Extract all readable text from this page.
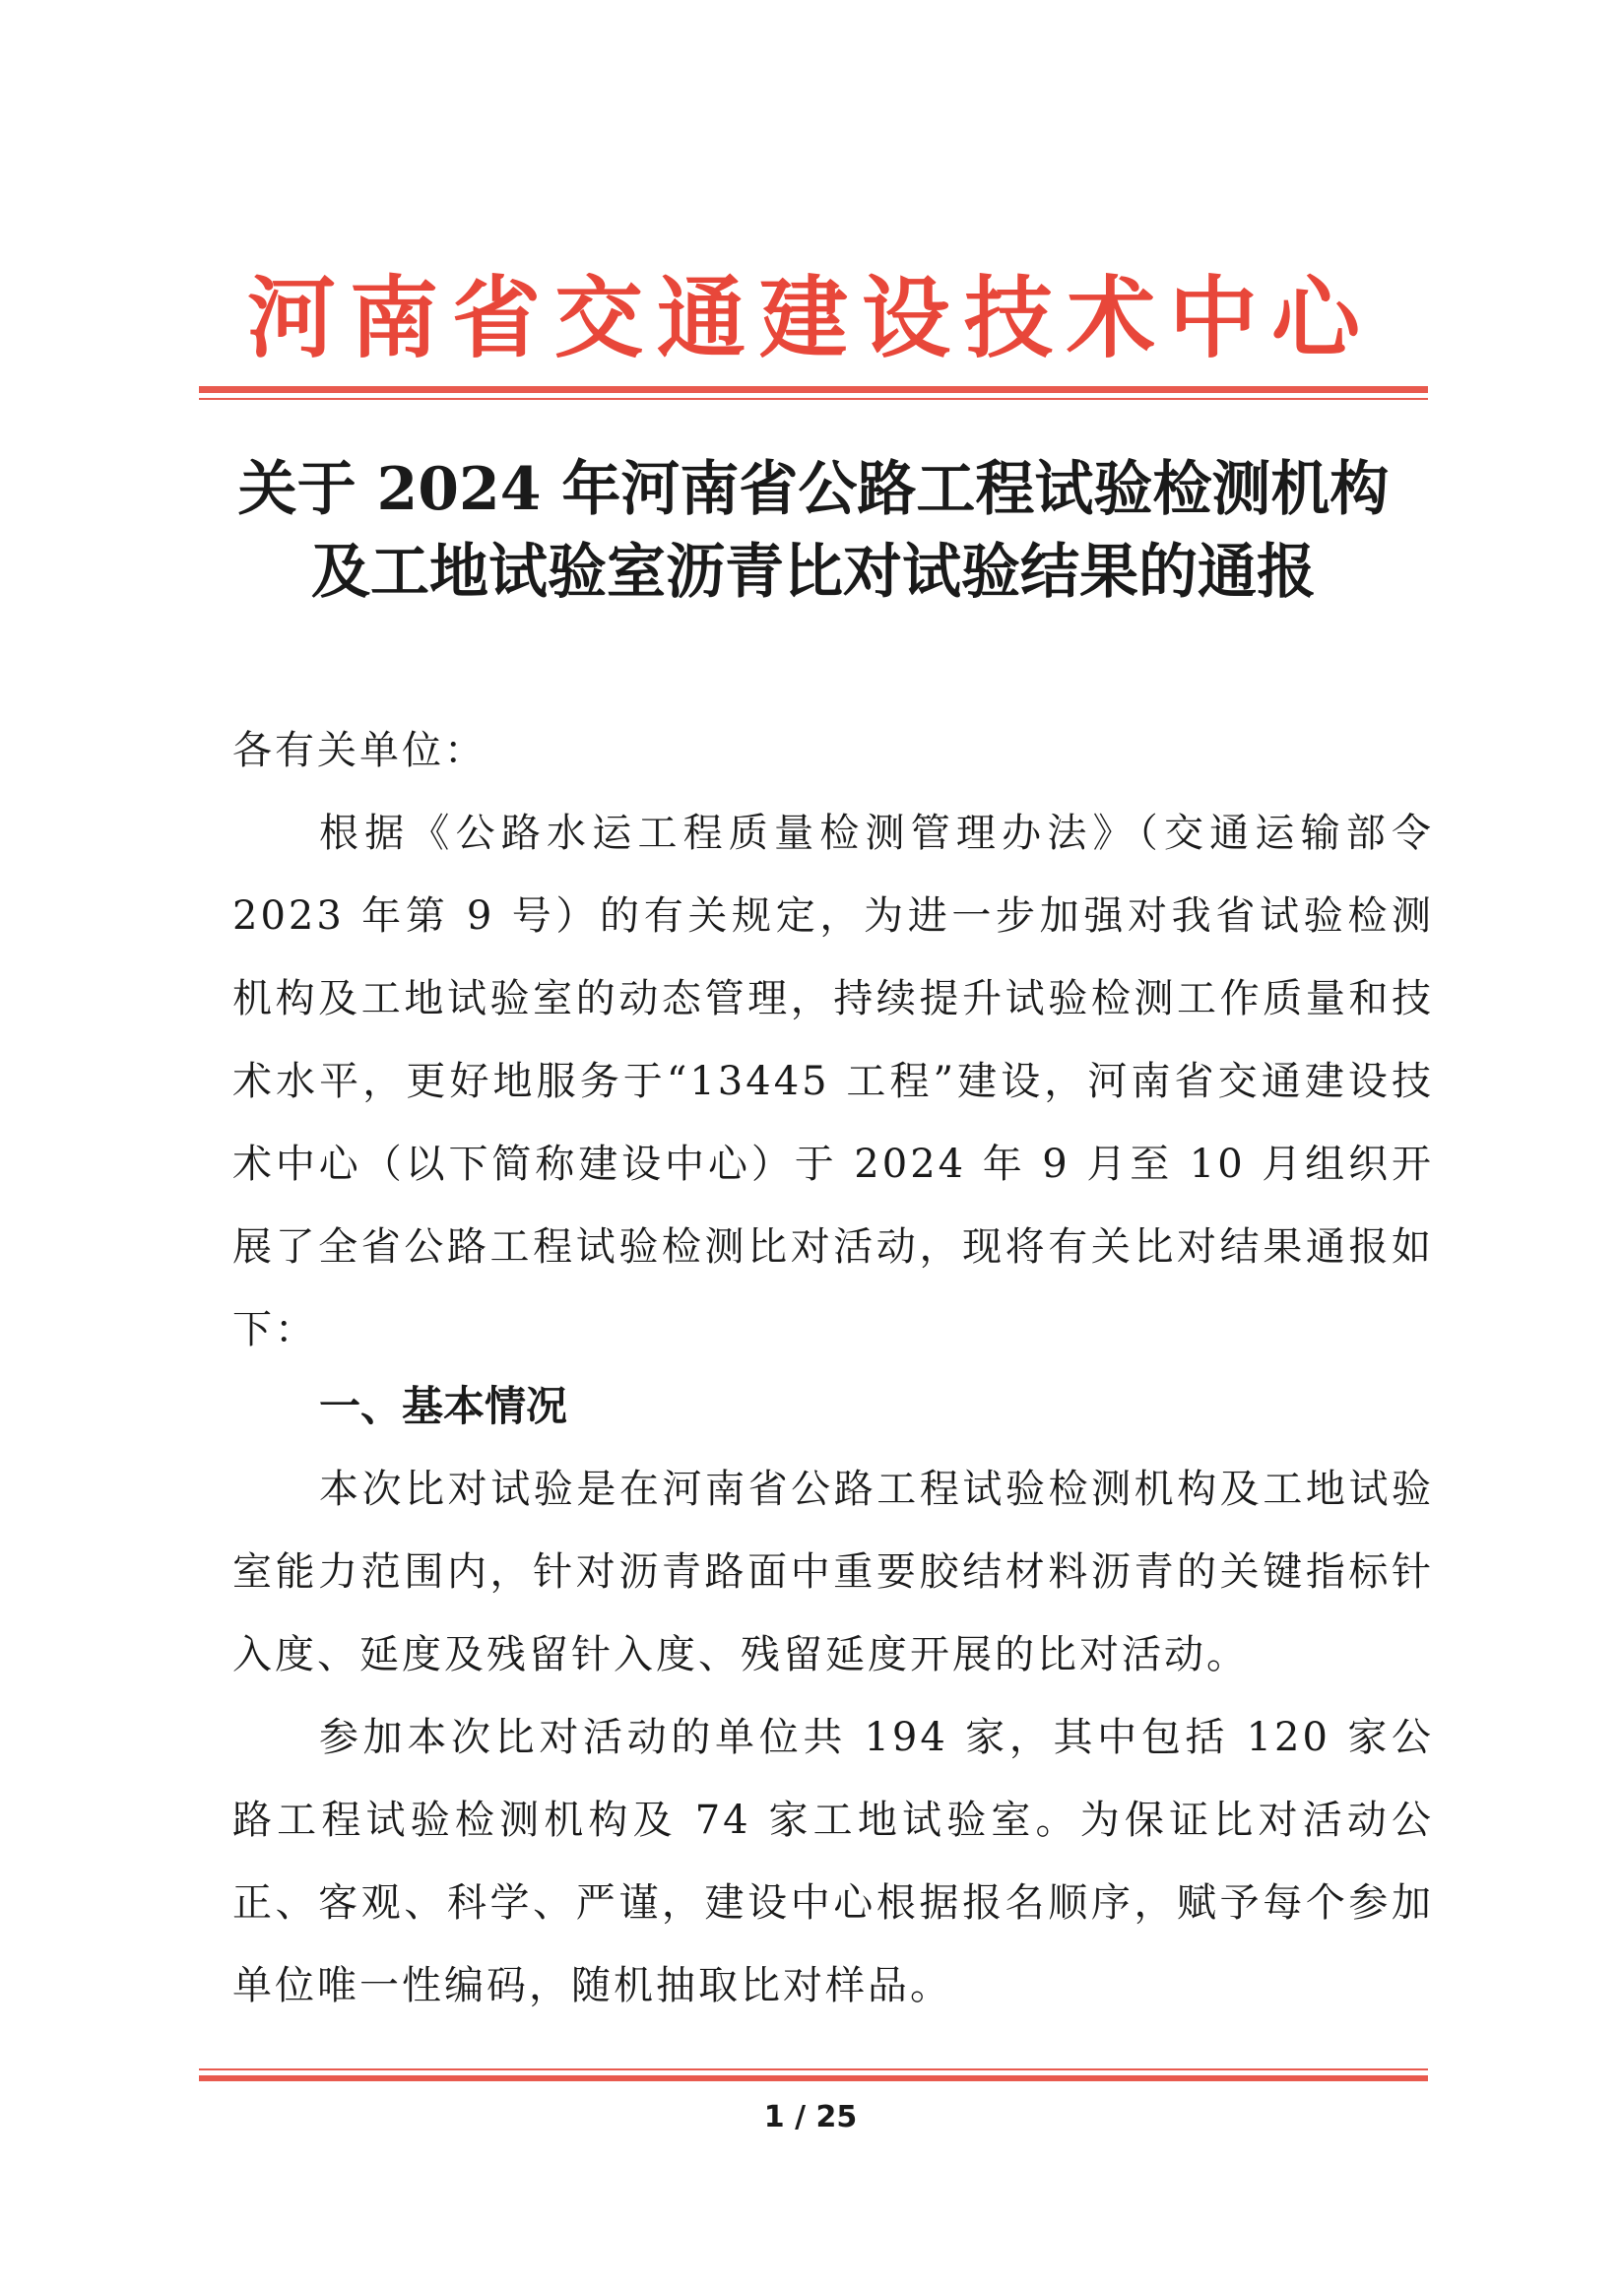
河南省交通建设技术中心
关于 2024 年河南省公路工程试验检测机构
及工地试验室沥青比对试验结果的通报

各有关单位：

根据《公路水运工程质量检测管理办法》（交通运输部令 2023 年第 9 号）的有关规定，为进一步加强对我省试验检测机构及工地试验室的动态管理，持续提升试验检测工作质量和技术水平，更好地服务于“13445 工程”建设，河南省交通建设技术中心（以下简称建设中心）于 2024 年 9 月至 10 月组织开展了全省公路工程试验检测比对活动，现将有关比对结果通报如下：

一、基本情况

本次比对试验是在河南省公路工程试验检测机构及工地试验室能力范围内，针对沥青路面中重要胶结材料沥青的关键指标针入度、延度及残留针入度、残留延度开展的比对活动。

参加本次比对活动的单位共 194 家，其中包括 120 家公路工程试验检测机构及 74 家工地试验室。为保证比对活动公正、客观、科学、严谨，建设中心根据报名顺序，赋予每个参加单位唯一性编码，随机抽取比对样品。

1 / 25
